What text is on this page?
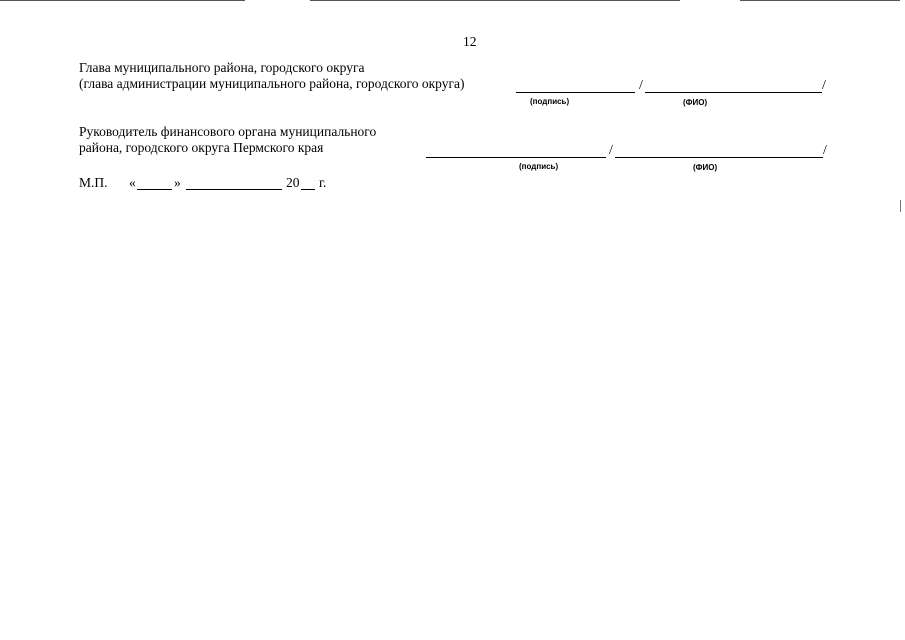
12
Глава муниципального района, городского округа
(глава администрации муниципального района, городского округа)	/	/
(подпись)	(ФИО)
Руководитель финансового органа муниципального
района, городского округа Пермского края	/	/
(подпись)	(ФИО)
М.П. «	»	20 г.
